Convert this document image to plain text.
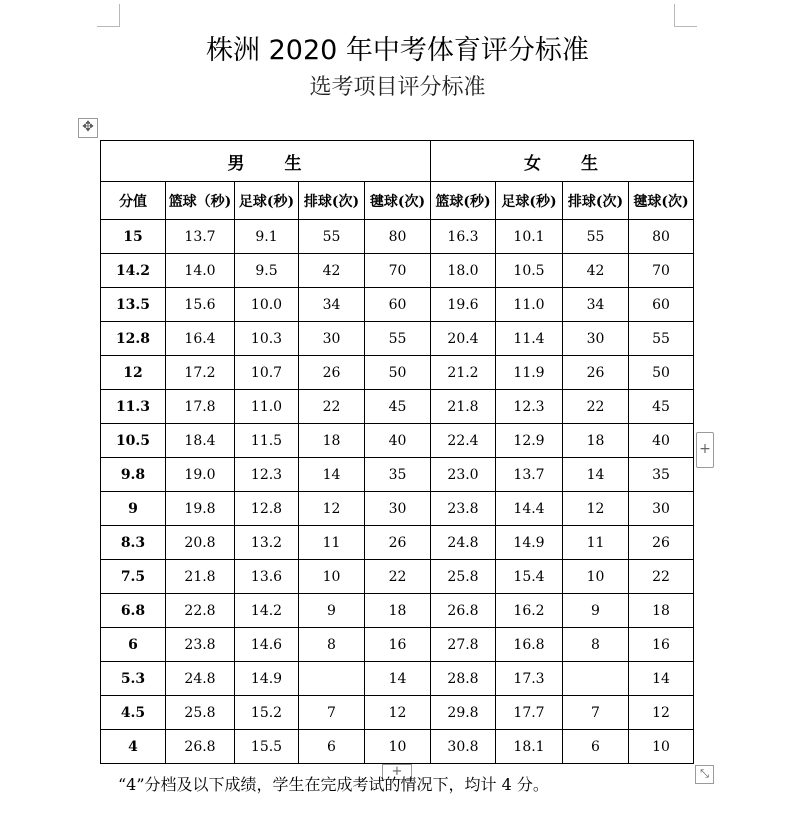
株洲 2020 年中考体育评分标准
选考项目评分标准
✥
男　　生					女　　生			
分值	篮球（秒)	足球(秒)	排球(次)	毽球(次)	篮球(秒)	足球(秒)	排球(次)	毽球(次)
15	13.7	9.1	55	80	16.3	10.1	55	80
14.2	14.0	9.5	42	70	18.0	10.5	42	70
13.5	15.6	10.0	34	60	19.6	11.0	34	60
12.8	16.4	10.3	30	55	20.4	11.4	30	55
12	17.2	10.7	26	50	21.2	11.9	26	50
11.3	17.8	11.0	22	45	21.8	12.3	22	45
10.5	18.4	11.5	18	40	22.4	12.9	18	40
9.8	19.0	12.3	14	35	23.0	13.7	14	35
9	19.8	12.8	12	30	23.8	14.4	12	30
8.3	20.8	13.2	11	26	24.8	14.9	11	26
7.5	21.8	13.6	10	22	25.8	15.4	10	22
6.8	22.8	14.2	9	18	26.8	16.2	9	18
6	23.8	14.6	8	16	27.8	16.8	8	16
5.3	24.8	14.9		14	28.8	17.3		14
4.5	25.8	15.2	7	12	29.8	17.7	7	12
4	26.8	15.5	6	10	30.8	18.1	6	10
+
+	⤡
“4”分档及以下成绩，学生在完成考试的情况下，均计 4 分。
